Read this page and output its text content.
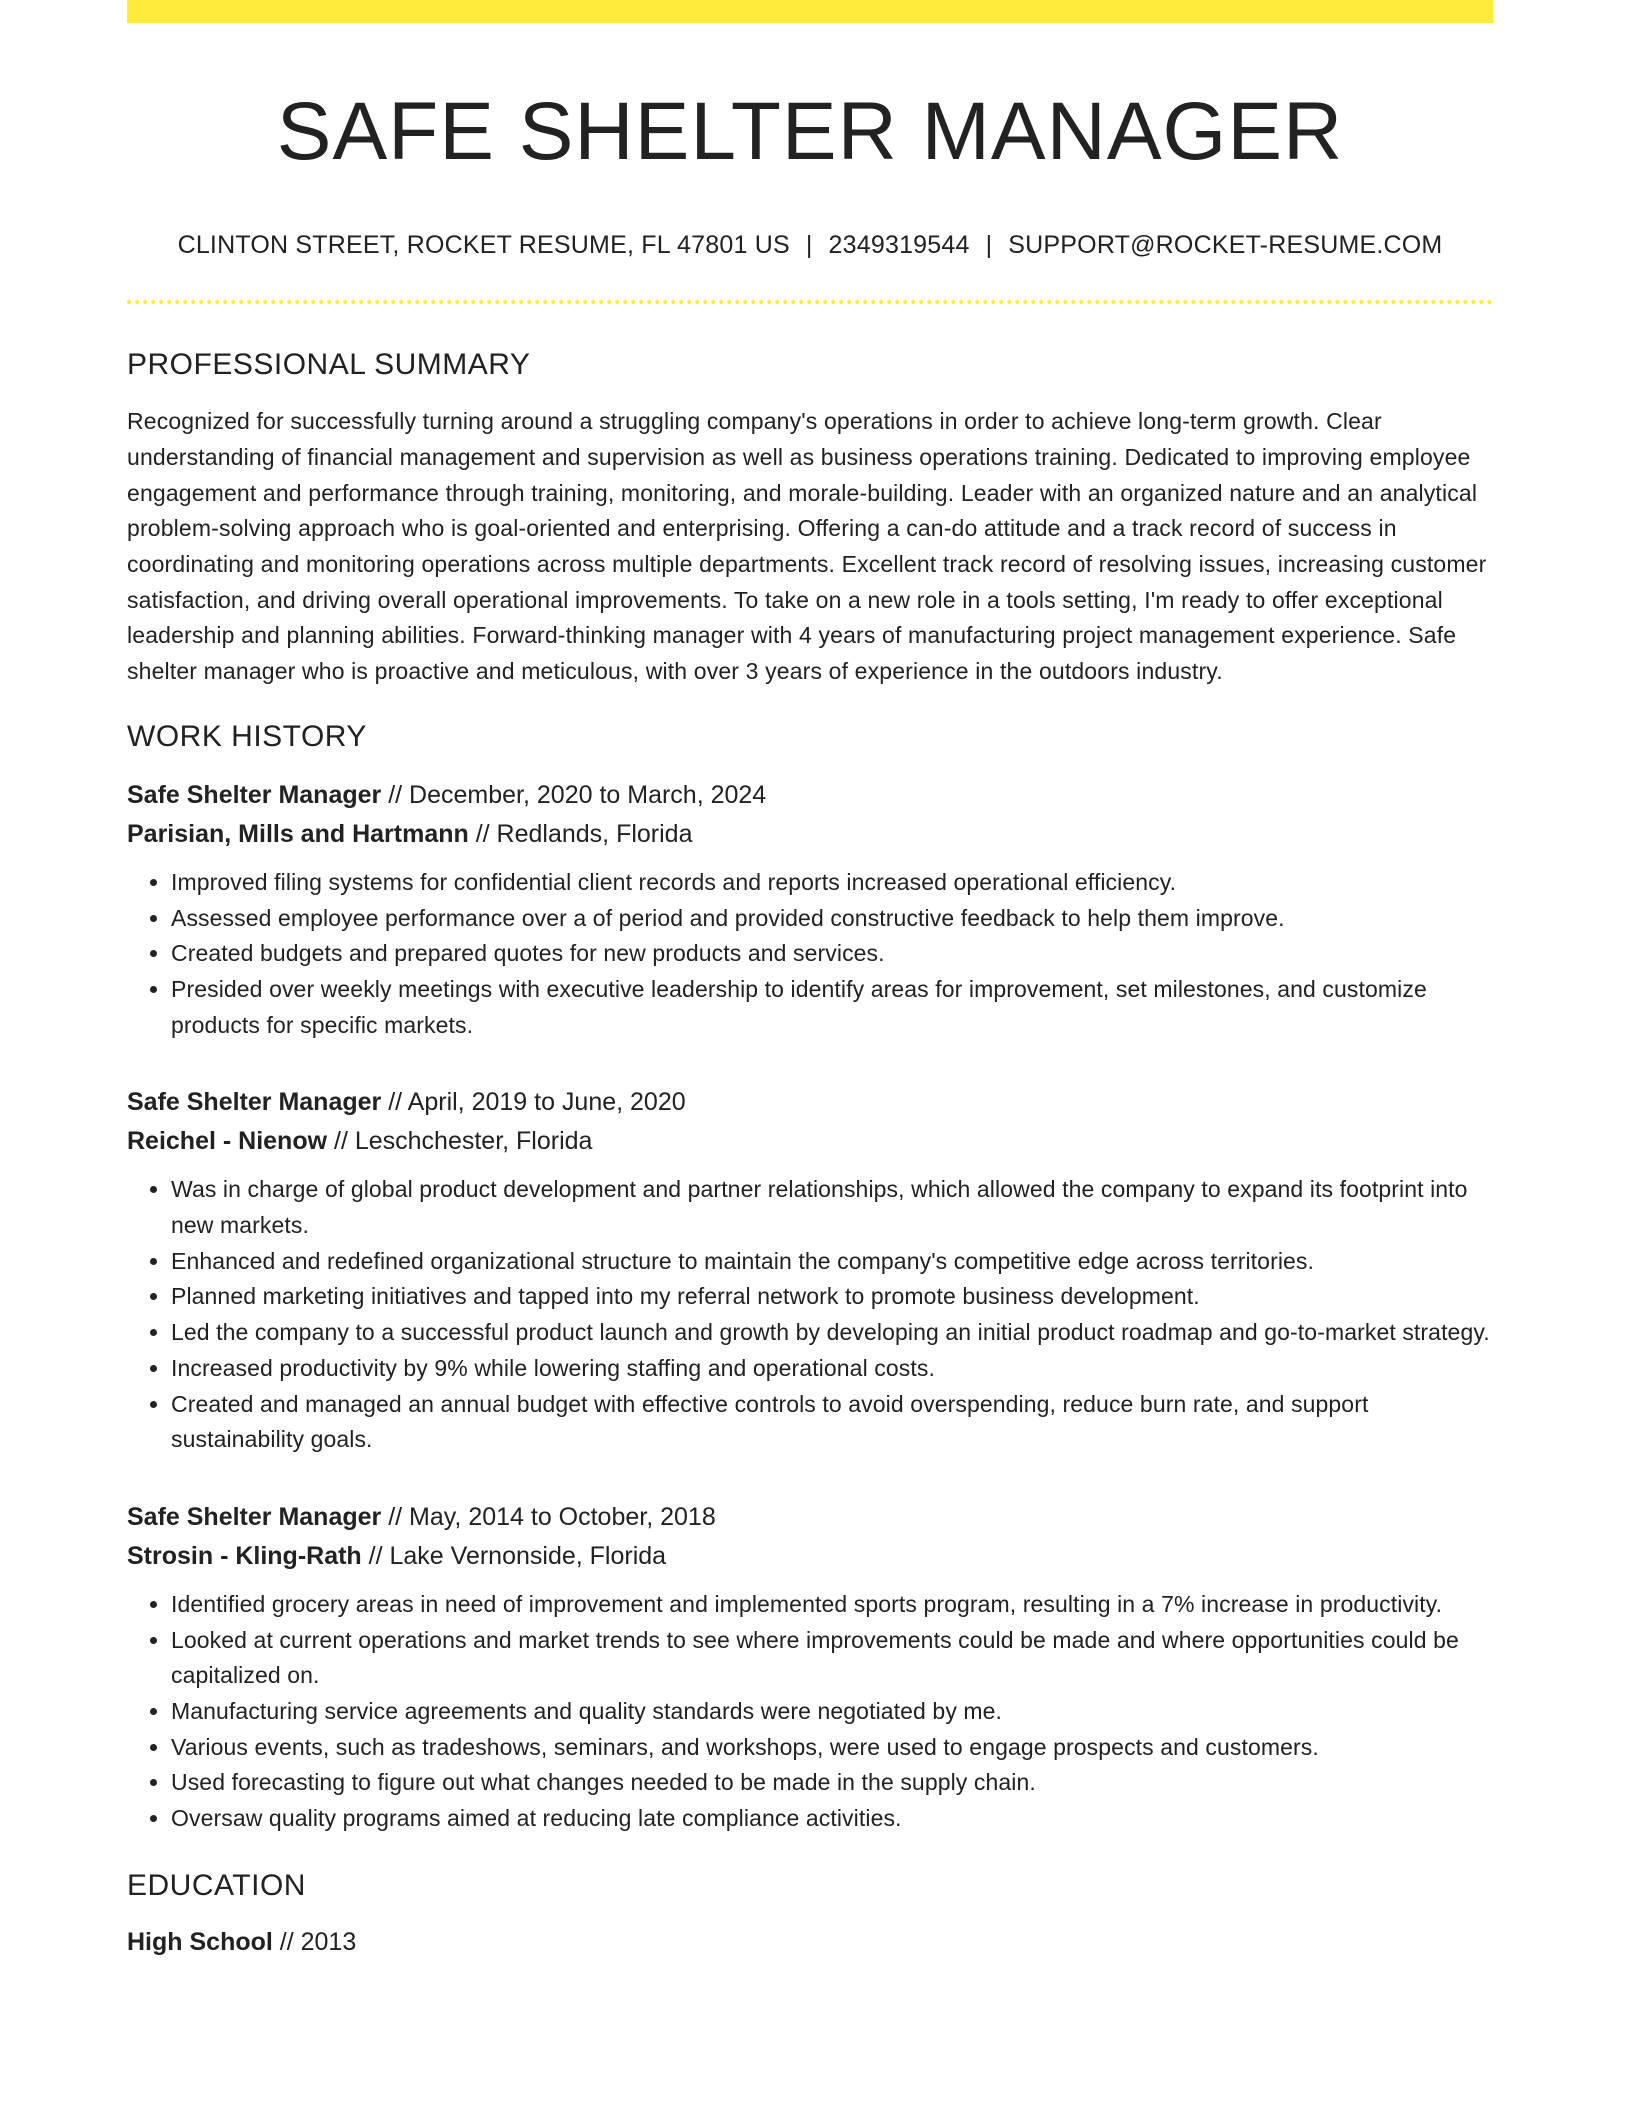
SAFE SHELTER MANAGER
CLINTON STREET, ROCKET RESUME, FL 47801 US | 2349319544 | SUPPORT@ROCKET-RESUME.COM
PROFESSIONAL SUMMARY
Recognized for successfully turning around a struggling company's operations in order to achieve long-term growth. Clear understanding of financial management and supervision as well as business operations training. Dedicated to improving employee engagement and performance through training, monitoring, and morale-building. Leader with an organized nature and an analytical problem-solving approach who is goal-oriented and enterprising. Offering a can-do attitude and a track record of success in coordinating and monitoring operations across multiple departments. Excellent track record of resolving issues, increasing customer satisfaction, and driving overall operational improvements. To take on a new role in a tools setting, I'm ready to offer exceptional leadership and planning abilities. Forward-thinking manager with 4 years of manufacturing project management experience. Safe shelter manager who is proactive and meticulous, with over 3 years of experience in the outdoors industry.
WORK HISTORY
Safe Shelter Manager // December, 2020 to March, 2024
Parisian, Mills and Hartmann // Redlands, Florida
• Improved filing systems for confidential client records and reports increased operational efficiency.
• Assessed employee performance over a of period and provided constructive feedback to help them improve.
• Created budgets and prepared quotes for new products and services.
• Presided over weekly meetings with executive leadership to identify areas for improvement, set milestones, and customize products for specific markets.
Safe Shelter Manager // April, 2019 to June, 2020
Reichel - Nienow // Leschchester, Florida
• Was in charge of global product development and partner relationships, which allowed the company to expand its footprint into new markets.
• Enhanced and redefined organizational structure to maintain the company's competitive edge across territories.
• Planned marketing initiatives and tapped into my referral network to promote business development.
• Led the company to a successful product launch and growth by developing an initial product roadmap and go-to-market strategy.
• Increased productivity by 9% while lowering staffing and operational costs.
• Created and managed an annual budget with effective controls to avoid overspending, reduce burn rate, and support sustainability goals.
Safe Shelter Manager // May, 2014 to October, 2018
Strosin - Kling-Rath // Lake Vernonside, Florida
• Identified grocery areas in need of improvement and implemented sports program, resulting in a 7% increase in productivity.
• Looked at current operations and market trends to see where improvements could be made and where opportunities could be capitalized on.
• Manufacturing service agreements and quality standards were negotiated by me.
• Various events, such as tradeshows, seminars, and workshops, were used to engage prospects and customers.
• Used forecasting to figure out what changes needed to be made in the supply chain.
• Oversaw quality programs aimed at reducing late compliance activities.
EDUCATION
High School // 2013
